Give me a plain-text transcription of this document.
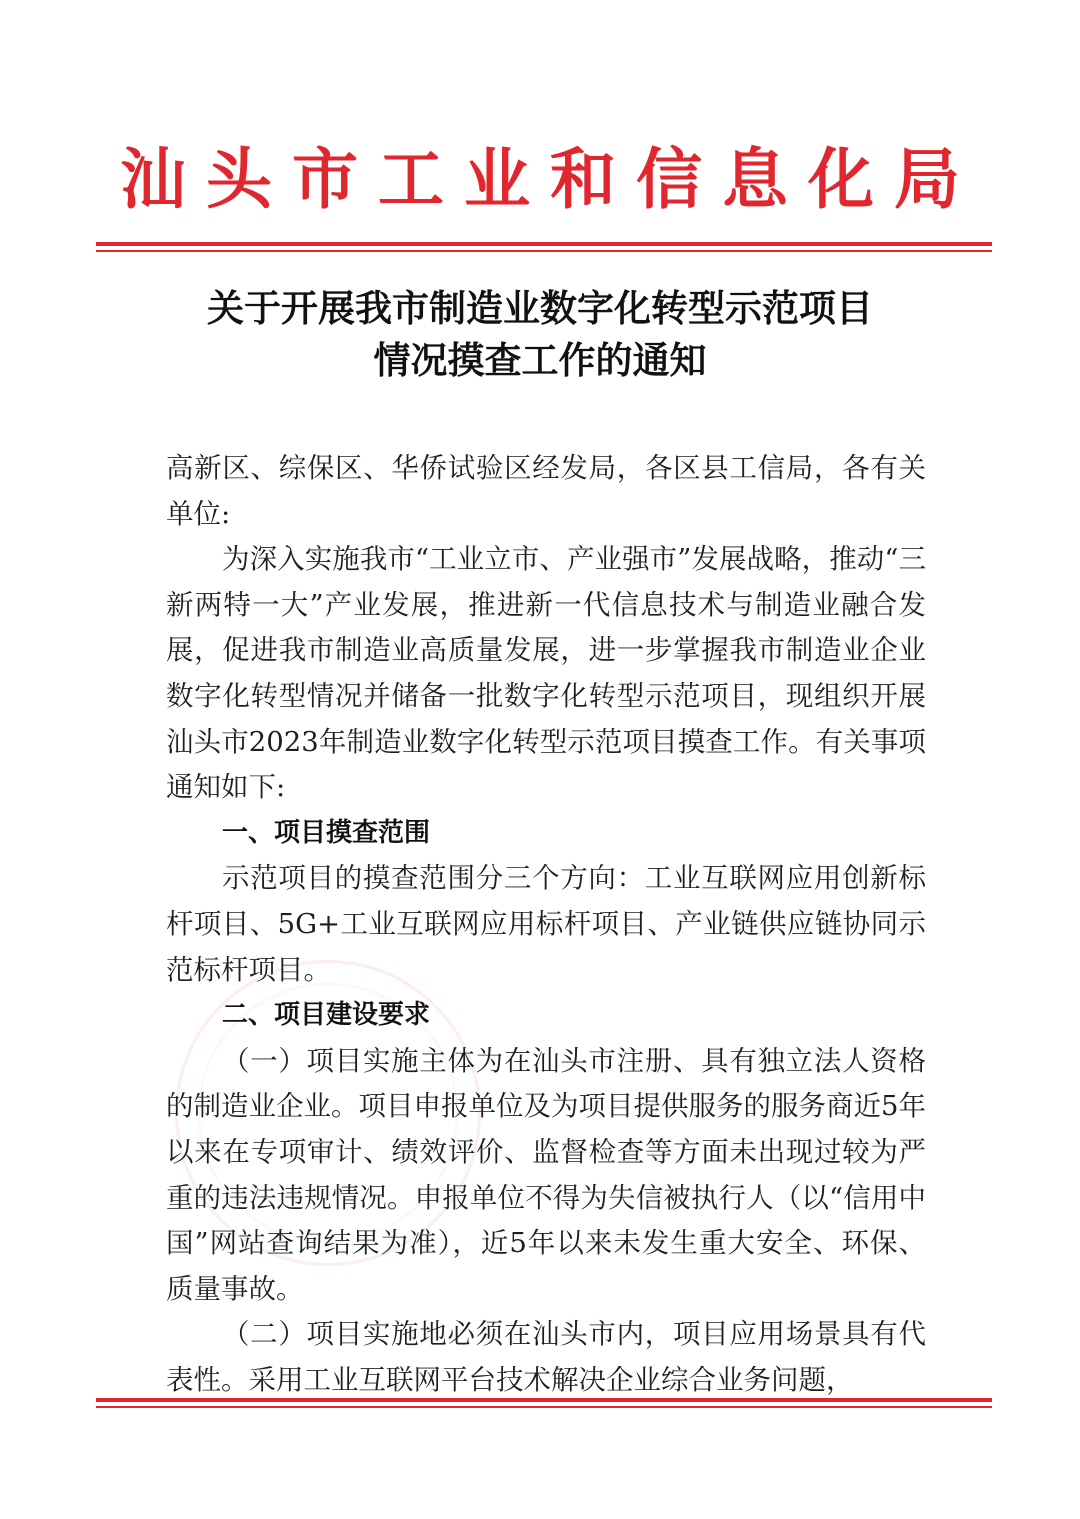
汕头市工业和信息化局
关于开展我市制造业数字化转型示范项目
情况摸查工作的通知

高新区、综保区、华侨试验区经发局，各区县工信局，各有关单位:

为深入实施我市“工业立市、产业强市”发展战略，推动“三新两特一大”产业发展，推进新一代信息技术与制造业融合发展，促进我市制造业高质量发展，进一步掌握我市制造业企业数字化转型情况并储备一批数字化转型示范项目，现组织开展汕头市2023年制造业数字化转型示范项目摸查工作。有关事项通知如下:

一、项目摸查范围

示范项目的摸查范围分三个方向：工业互联网应用创新标杆项目、5G+工业互联网应用标杆项目、产业链供应链协同示范标杆项目。

二、项目建设要求

（一）项目实施主体为在汕头市注册、具有独立法人资格的制造业企业。项目申报单位及为项目提供服务的服务商近5年以来在专项审计、绩效评价、监督检查等方面未出现过较为严重的违法违规情况。申报单位不得为失信被执行人（以“信用中国”网站查询结果为准），近5年以来未发生重大安全、环保、质量事故。

（二）项目实施地必须在汕头市内，项目应用场景具有代表性。采用工业互联网平台技术解决企业综合业务问题，
